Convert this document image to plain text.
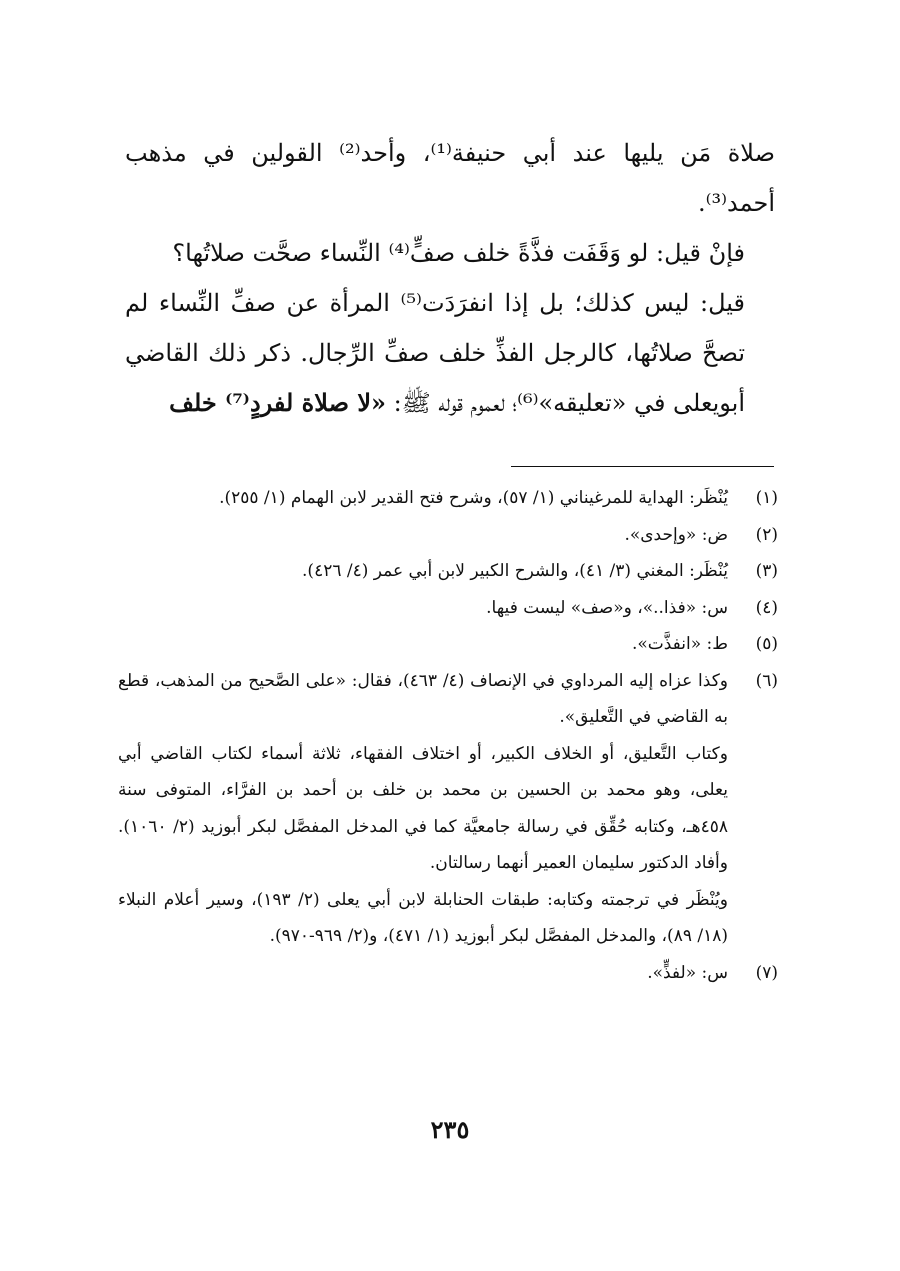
صلاة مَن يليها عند أبي حنيفة⁽¹⁾، وأحد⁽²⁾ القولين في مذهب أحمد⁽³⁾.

فإنْ قيل: لو وَقَفَت فذَّةً خلف صفٍّ⁽⁴⁾ النِّساء صحَّت صلاتُها؟

قيل: ليس كذلك؛ بل إذا انفرَدَت⁽⁵⁾ المرأة عن صفِّ النِّساء لم تصحَّ صلاتُها، كالرجل الفذِّ خلف صفِّ الرِّجال. ذكر ذلك القاضي أبويعلى في «تعليقه»⁽⁶⁾؛ لعموم قوله ﷺ: «لا صلاة لفردٍ⁽⁷⁾ خلف

(١)

يُنْظَر: الهداية للمرغيناني (١/ ٥٧)، وشرح فتح القدير لابن الهمام (١/ ٢٥٥).

(٢)

ض: «وإحدى».

(٣)

يُنْظَر: المغني (٣/ ٤١)، والشرح الكبير لابن أبي عمر (٤/ ٤٢٦).

(٤)

س: «فذا..»، و«صف» ليست فيها.

(٥)

ط: «انفذَّت».

(٦)

وكذا عزاه إليه المرداوي في الإنصاف (٤/ ٤٦٣)، فقال: «على الصَّحيح من المذهب، قطع به القاضي في التَّعليق».

وكتاب التَّعليق، أو الخلاف الكبير، أو اختلاف الفقهاء، ثلاثة أسماء لكتاب القاضي أبي يعلى، وهو محمد بن الحسين بن محمد بن خلف بن أحمد بن الفرَّاء، المتوفى سنة ٤٥٨هـ، وكتابه حُقِّق في رسالة جامعيَّة كما في المدخل المفصَّل لبكر أبوزيد (٢/ ١٠٦٠). وأفاد الدكتور سليمان العمير أنهما رسالتان.

ويُنْظَر في ترجمته وكتابه: طبقات الحنابلة لابن أبي يعلى (٢/ ١٩٣)، وسير أعلام النبلاء (١٨/ ٨٩)، والمدخل المفصَّل لبكر أبوزيد (١/ ٤٧١)، و(٢/ ٩٦٩-٩٧٠).

(٧)

س: «لفذٍّ».

٢٣٥
